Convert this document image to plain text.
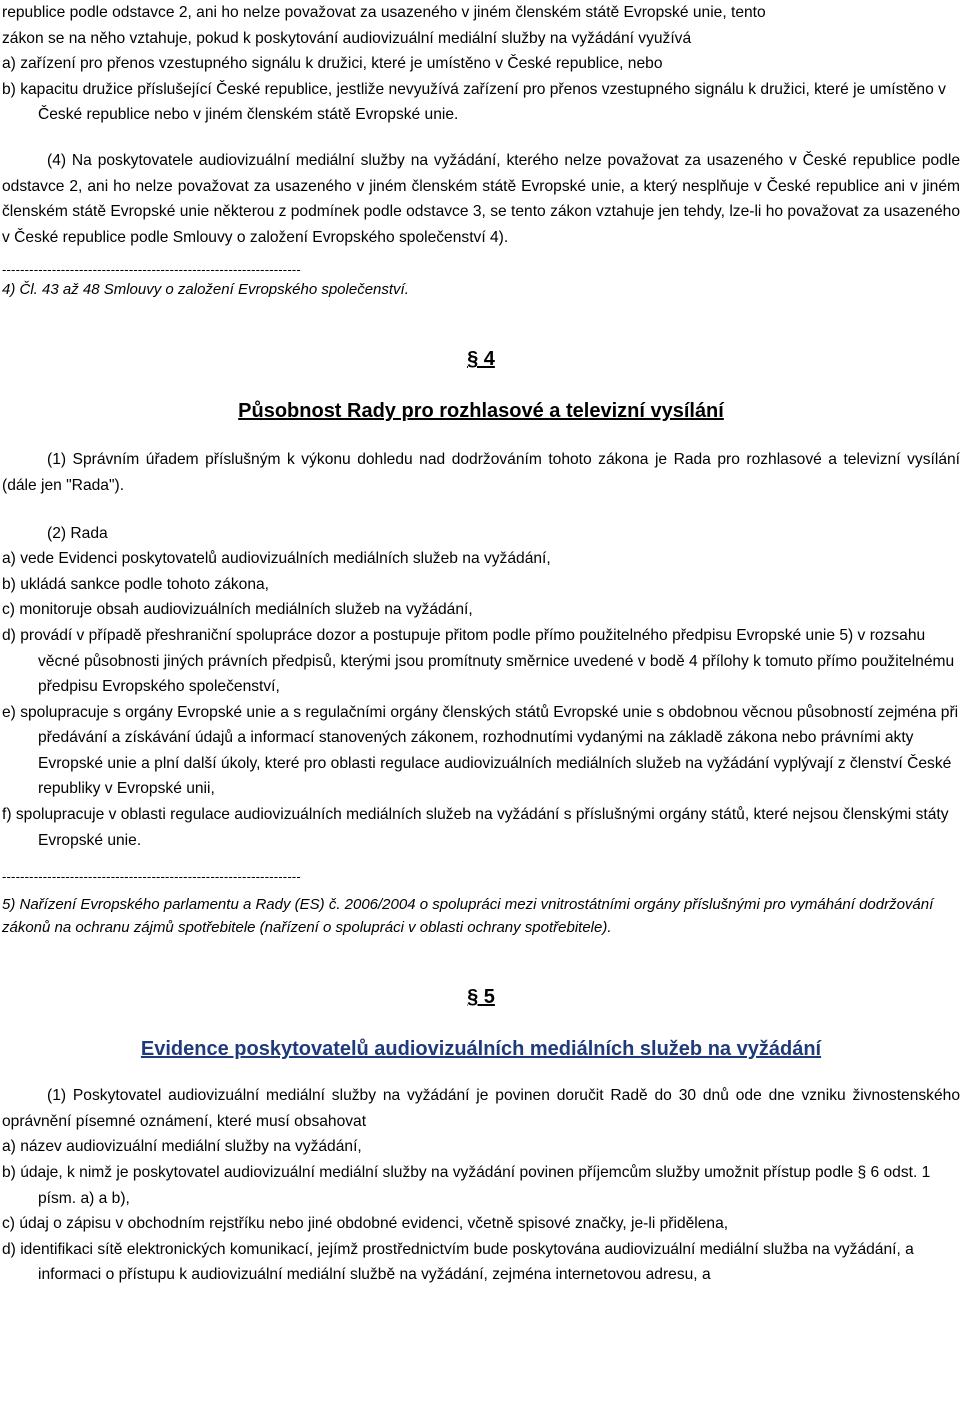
republice podle odstavce 2, ani ho nelze považovat za usazeného v jiném členském státě Evropské unie, tento
zákon se na něho vztahuje, pokud k poskytování audiovizuální mediální služby na vyžádání využívá
a) zařízení pro přenos vzestupného signálu k družici, které je umístěno v České republice, nebo
b) kapacitu družice příslušející České republice, jestliže nevyužívá zařízení pro přenos vzestupného signálu k družici, které je umístěno v České republice nebo v jiném členském státě Evropské unie.
(4) Na poskytovatele audiovizuální mediální služby na vyžádání, kterého nelze považovat za usazeného v České republice podle odstavce 2, ani ho nelze považovat za usazeného v jiném členském státě Evropské unie, a který nesplňuje v České republice ani v jiném členském státě Evropské unie některou z podmínek podle odstavce 3, se tento zákon vztahuje jen tehdy, lze-li ho považovat za usazeného v České republice podle Smlouvy o založení Evropského společenství 4).
------------------------------------------------------------------
4) Čl. 43 až 48 Smlouvy o založení Evropského společenství.
§ 4
Působnost Rady pro rozhlasové a televizní vysílání
(1) Správním úřadem příslušným k výkonu dohledu nad dodržováním tohoto zákona je Rada pro rozhlasové a televizní vysílání (dále jen "Rada").
(2) Rada
a) vede Evidenci poskytovatelů audiovizuálních mediálních služeb na vyžádání,
b) ukládá sankce podle tohoto zákona,
c) monitoruje obsah audiovizuálních mediálních služeb na vyžádání,
d) provádí v případě přeshraniční spolupráce dozor a postupuje přitom podle přímo použitelného předpisu Evropské unie 5) v rozsahu věcné působnosti jiných právních předpisů, kterými jsou promítnuty směrnice uvedené v bodě 4 přílohy k tomuto přímo použitelnému předpisu Evropského společenství,
e) spolupracuje s orgány Evropské unie a s regulačními orgány členských států Evropské unie s obdobnou věcnou působností zejména při předávání a získávání údajů a informací stanovených zákonem, rozhodnutími vydanými na základě zákona nebo právními akty Evropské unie a plní další úkoly, které pro oblasti regulace audiovizuálních mediálních služeb na vyžádání vyplývají z členství České republiky v Evropské unii,
f) spolupracuje v oblasti regulace audiovizuálních mediálních služeb na vyžádání s příslušnými orgány států, které nejsou členskými státy Evropské unie.
------------------------------------------------------------------
5) Nařízení Evropského parlamentu a Rady (ES) č. 2006/2004 o spolupráci mezi vnitrostátními orgány příslušnými pro vymáhání dodržování zákonů na ochranu zájmů spotřebitele (nařízení o spolupráci v oblasti ochrany spotřebitele).
§ 5
Evidence poskytovatelů audiovizuálních mediálních služeb na vyžádání
(1) Poskytovatel audiovizuální mediální služby na vyžádání je povinen doručit Radě do 30 dnů ode dne vzniku živnostenského oprávnění písemné oznámení, které musí obsahovat
a) název audiovizuální mediální služby na vyžádání,
b) údaje, k nimž je poskytovatel audiovizuální mediální služby na vyžádání povinen příjemcům služby umožnit přístup podle § 6 odst. 1 písm. a) a b),
c) údaj o zápisu v obchodním rejstříku nebo jiné obdobné evidenci, včetně spisové značky, je-li přidělena,
d) identifikaci sítě elektronických komunikací, jejímž prostřednictvím bude poskytována audiovizuální mediální služba na vyžádání, a informaci o přístupu k audiovizuální mediální službě na vyžádání, zejména internetovou adresu, a
